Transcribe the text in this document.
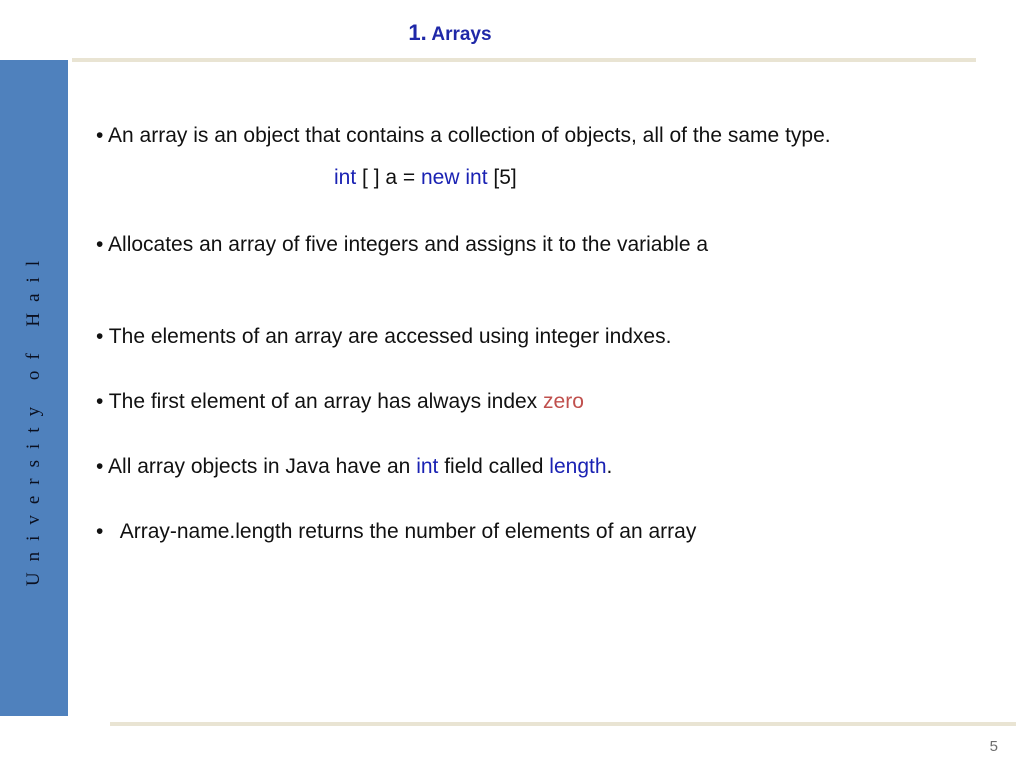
University of Hail
1. Arrays

• An array is an object that contains a collection of objects, all of the same type.

int [ ] a = new int [5]

• Allocates an array of five integers and assigns it to the variable a

• The elements of an array are accessed using integer indxes.

• The first element of an array has always index zero

• All array objects in Java have an int field called length.

•   Array-name.length returns the number of elements of an array

5
